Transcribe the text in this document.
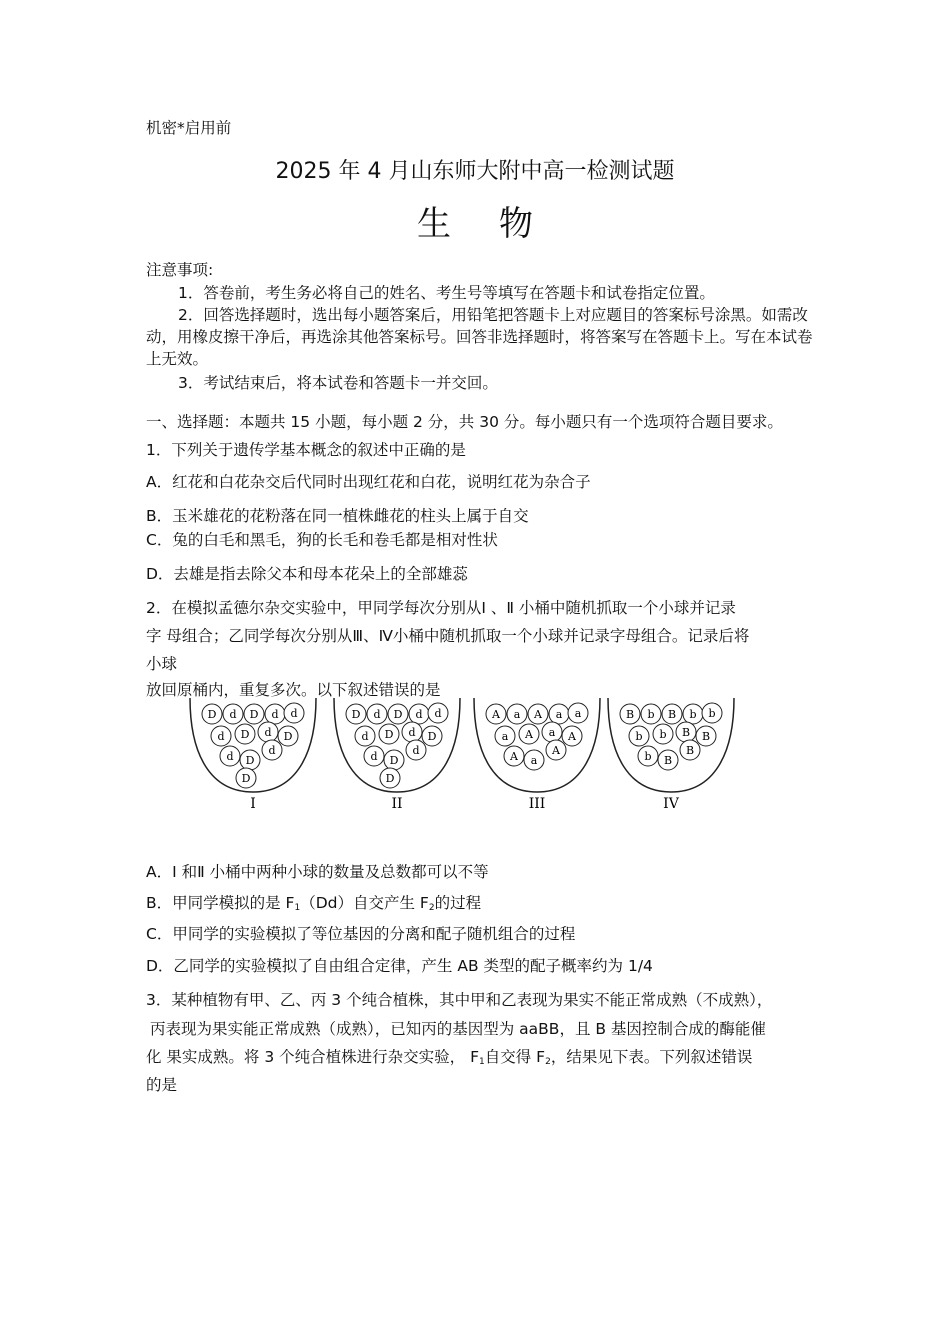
机密*启用前
2025 年 4 月山东师大附中高一检测试题
生物
注意事项:
1．答卷前，考生务必将自己的姓名、考生号等填写在答题卡和试卷指定位置。
2．回答选择题时，选出每小题答案后，用铅笔把答题卡上对应题目的答案标号涂黑。如需改动，用橡皮擦干净后，再选涂其他答案标号。回答非选择题时，将答案写在答题卡上。写在本试卷上无效。
3．考试结束后，将本试卷和答题卡一并交回。
一、选择题：本题共 15 小题，每小题 2 分，共 30 分。每小题只有一个选项符合题目要求。
1．下列关于遗传学基本概念的叙述中正确的是
A．红花和白花杂交后代同时出现红花和白花，说明红花为杂合子
B．玉米雄花的花粉落在同一植株雌花的柱头上属于自交
C．兔的白毛和黑毛，狗的长毛和卷毛都是相对性状
D．去雄是指去除父本和母本花朵上的全部雄蕊
2．在模拟孟德尔杂交实验中，甲同学每次分别从Ⅰ 、Ⅱ 小桶中随机抓取一个小球并记录
字 母组合；乙同学每次分别从Ⅲ、Ⅳ小桶中随机抓取一个小球并记录字母组合。记录后将
小球
放回原桶内，重复多次。以下叙述错误的是
D d D d d
d D d D
d D
d
D
I
D d D d d
d D d D
d D
d
D
II
A a A a a
a A a A
A a
A
III
B b B b b
b b B B
b B
B
IV
A．Ⅰ 和Ⅱ 小桶中两种小球的数量及总数都可以不等
B．甲同学模拟的是 $F_1(Dd)$自交产生 $F_2$的过程
C．甲同学的实验模拟了等位基因的分离和配子随机组合的过程
D．乙同学的实验模拟了自由组合定律，产生 AB 类型的配子概率约为 1/4
3．某种植物有甲、乙、丙 3 个纯合植株，其中甲和乙表现为果实不能正常成熟（不成熟），
丙表现为果实能正常成熟（成熟），已知丙的基因型为 aaBB，且 B 基因控制合成的酶能催
化 果实成熟。将 3 个纯合植株进行杂交实验， $F_1$自交得 $F_2$，结果见下表。下列叙述错误
的是
